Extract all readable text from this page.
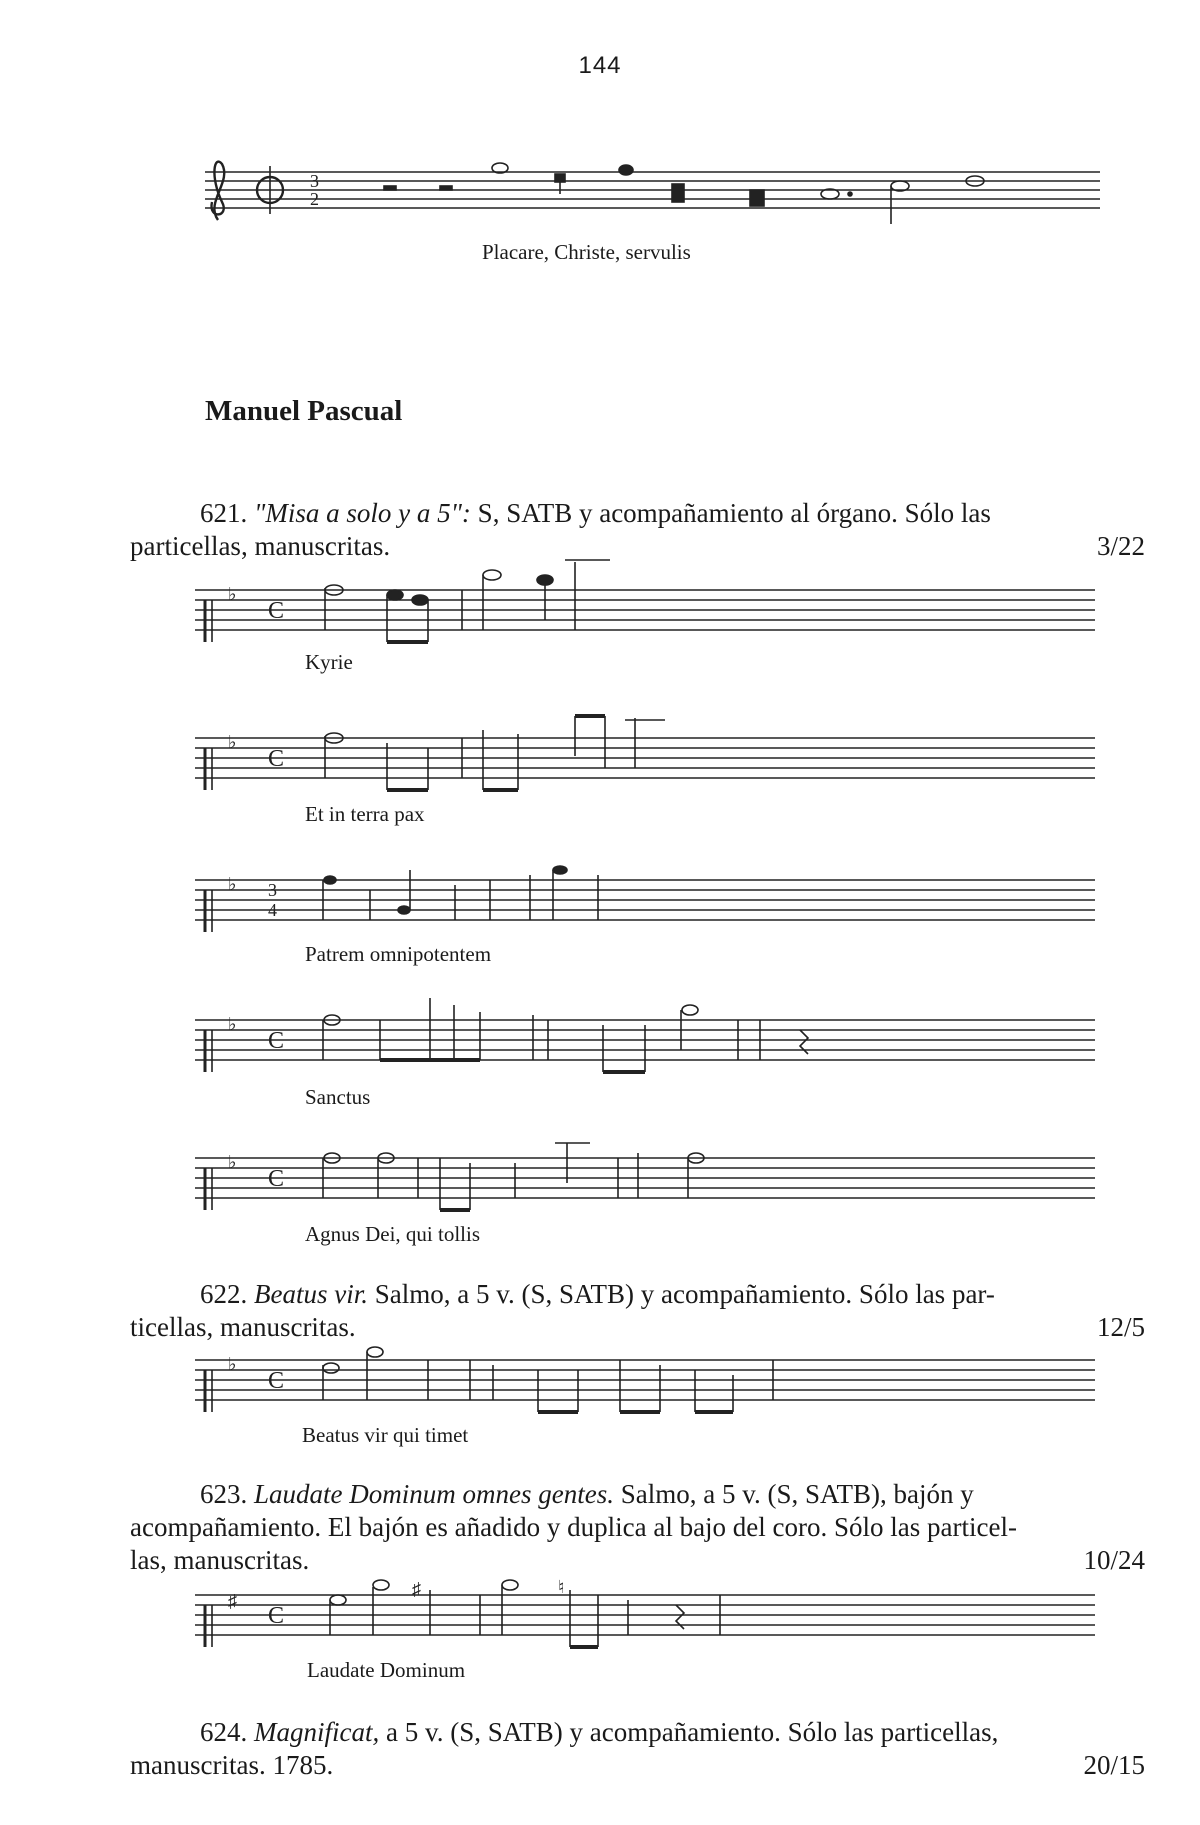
144
3
2
♭
C
♭
C
♭ 3
4
♭
C
♭
C
♭
C
♯
C
♯	♮
Placare, Christe, servulis
Manuel Pascual
621. "Misa a solo y a 5": S, SATB y acompañamiento al órgano. Sólo las
particellas, manuscritas.	3/22
Kyrie
Et in terra pax
Patrem omnipotentem
Sanctus
Agnus Dei, qui tollis
622. Beatus vir. Salmo, a 5 v. (S, SATB) y acompañamiento. Sólo las par-
ticellas, manuscritas.	12/5
Beatus vir qui timet
623. Laudate Dominum omnes gentes. Salmo, a 5 v. (S, SATB), bajón y
acompañamiento. El bajón es añadido y duplica al bajo del coro. Sólo las particel-
las, manuscritas.	10/24
Laudate Dominum
624. Magnificat, a 5 v. (S, SATB) y acompañamiento. Sólo las particellas,
manuscritas. 1785.	20/15
